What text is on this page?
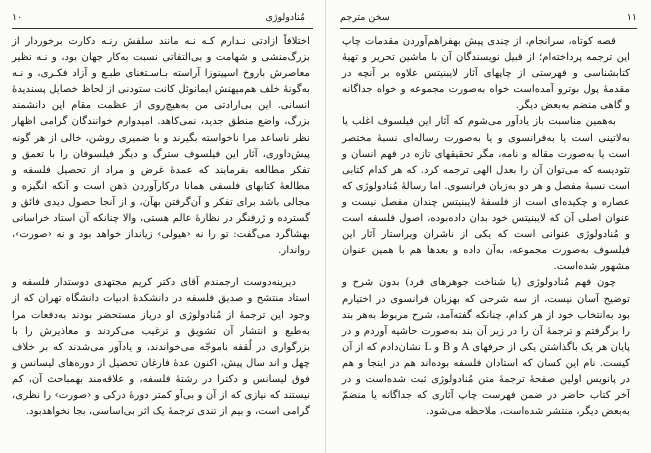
۱۰	مُنادولوژی

اختلافاً ازادتی نـدارم کـه نـه مانند سلفش رنـه دکارت برخوردار از بزرگ‌منشی و شهامت و بی‌التفاتی نسبت به‌کار جهان بود، و نـه نظیر معاصرش باروخ اسپینوزا آراسته بـاسـتغنای طبـع و آزاد فکـری، و نـه به‌گونهٔ خلف هم‌میهنش ایمانوئل کانت ستودنی از لحاظ خصایل پسندیدهٔ انسانی. این بی‌ارادتی من به‌هیچ‌روی از عظمت مقام این دانشمند بزرگ، واضع منطق جدید، نمی‌کاهد. امیدوارم خوانندگان گرامی اظهار نظر ناساعد مرا ناخواسته بگیرند و با ضمیری روشن، خالی از هر گونه پیش‌داوری، آثار این فیلسوف سترگ و دیگر فیلسوفان را با تعمق و تفکر مطالعه بفرمایند که عمدهٔ غرض و مراد از تحصیل فلسفه و مطالعهٔ کتابهای فلسفی همانا درکارآوردن ذهن است و آنکه انگیزه و مجالی باشد برای تفکر و اَن‌گرفتن بهآن، و از آنجا حصول دیدی فائق و گسترده و ژرفنگر در نظارهٔ عالم هستی، والا چنانکه آن استاد خراسانی بهشاگرد می‌گفت: تو را نه ‹هیولی› زیانداز خواهد بود و نه ‹صورت›، رواندار.

دیرینه‌دوست ارجمندم آقای دکتر کریم مجتهدی دوستدار فلسفه و استاد منتشح و صدیق فلسفه در دانشکدهٔ ادبیات دانشگاه تهران که از وجود این ترجمهٔ از مُنادولوژی او دریاز مستحضر بودند به‌دفعات مرا به‌طبع و انتشار آن تشویق و ترغیب می‌کردند و معاذیرش را با بزرگواری در لُقفه ناموجّه می‌خواندند، و یادآور می‌شدند که بر خلاف چهل و اند سال پیش، اکنون عدهٔ فارغان تحصیل از دوره‌های لیسانس و فوق لیسانس و دکترا در رشتهٔ فلسفه، و علاقه‌مند بهمباحث آن، کم نیستند که نیازی که از آن و بی‌اَو کمتر دورهٔ درکی و ‹صورت› را نظری، گرامی است، و بیم از تندی ترجمهٔ یک اثر بی‌اساسی، بجا نخواهدبود.

۱۱
سخن مترجم

قصه کوتاه، سرانجام، از چندی پیش بهفراهم‌آوردن مقدمات چاپ این ترجمه پرداخته‌ام؛ از قبیل نویسندگان آن با ماشین تحریر و تهیهٔ کتابشناسی و فهرستی از چاپهای آثار لایبنیتس علاوه بر آنچه در مقدمهٔ پول بوترو آمده‌است خواه به‌صورت مجموعه و خواه جداگانه و گاهی منضم به‌بعض دیگر.

به‌همین مناسبت باز یادآور می‌شوم که آثار این فیلسوف اغلب یا به‌لاتینی است یا به‌فرانسوی و یا به‌صورت رساله‌ای نسبهٔ مختصر است یا به‌صورت مقاله و نامه، مگر تحقیقهای تازه در فهم انسان و تئودیسه که می‌توان آن را بعدل الهی ترجمه کرد. که هر کدام کتابی است نسبهٔ مفصل و هر دو به‌زبان فرانسوی. اما رسالهٔ مُنادولوژی که عصاره و چکیده‌ای است از فلسفهٔ لایبنیتس چندان مفصل نیست و عنوان اصلی آن که لایبنیتس خود بدان داده‌بوده، اصول فلسفه است و مُنادولوژی عنوانی است که یکی از ناشران ویراستار آثار این فیلسوف به‌صورت مجموعه، به‌آن داده و بعدها هم با همین عنوان مشهور شده‌است.

چون فهم مُنادولوژی (یا شناخت جوهرهای فرد) بدون شرح و توضیح آسان نیست، از سه شرحی که بهزبان فرانسوی در اختیارم بود به‌انتخاب خود از هر کدام، چنانکه گفته‌آمد، شرح مربوط به‌هر بند را برگرفتم و ترجمهٔ آن را در زیر آن بند به‌صورت حاشیه آوردم و در پایان هر یک باگذاشتن یکی از حرفهای A و B و L نشان‌دادم که از آن کیست. نام این کسان که استادان فلسفه بوده‌اند هم در اینجا و هم در پانویس اولین صفحهٔ ترجمهٔ متن مُنادولوژی ثبت شده‌است و در آخر کتاب حاضر در ضمن فهرست چاپ آثاری که جداگانه یا منضمّ به‌بعض دیگر، منتشر شده‌است، ملاحظه می‌شود.
